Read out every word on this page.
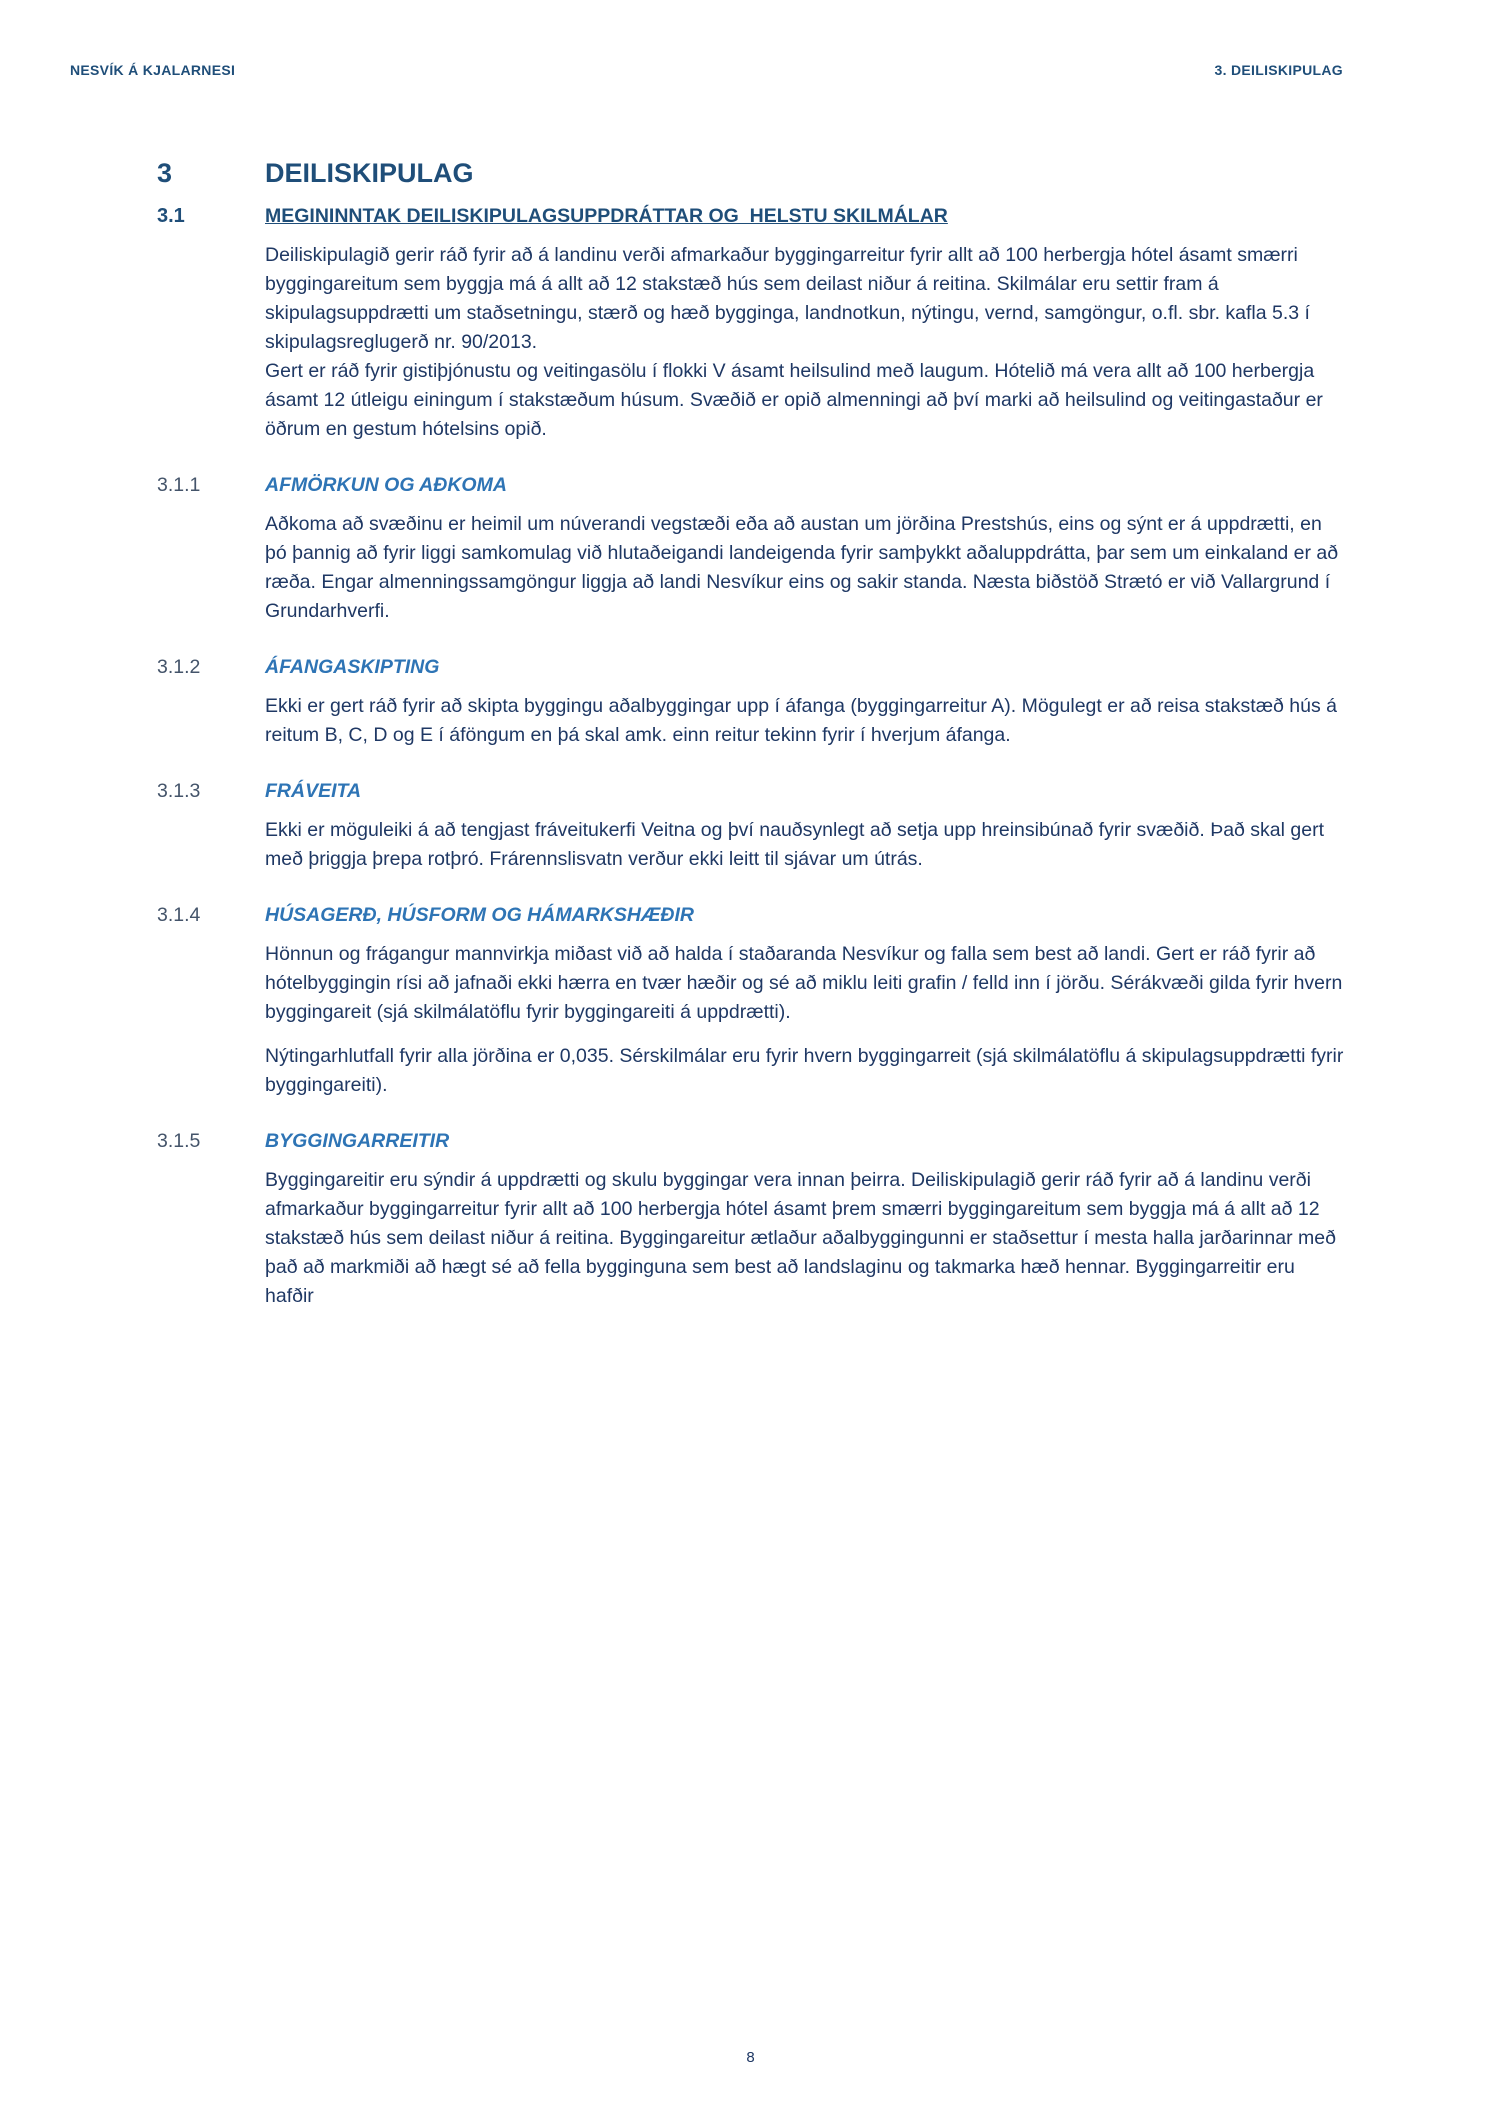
NESVÍK Á KJALARNESI	3. DEILISKIPULAG
3	DEILISKIPULAG
3.1	MEGININNTAK DEILISKIPULAGSUPPDRÁTTAR OG  HELSTU SKILMÁLAR

Deiliskipulagið gerir ráð fyrir að á landinu verði afmarkaður byggingarreitur fyrir allt að 100 herbergja hótel ásamt smærri byggingareitum sem byggja má á allt að 12 stakstæð hús sem deilast niður á reitina. Skilmálar eru settir fram á skipulagsuppdrætti um staðsetningu, stærð og hæð bygginga, landnotkun, nýtingu, vernd, samgöngur, o.fl. sbr. kafla 5.3 í skipulagsreglugerð nr. 90/2013.

Gert er ráð fyrir gistiþjónustu og veitingasölu í flokki V ásamt heilsulind með laugum. Hótelið má vera allt að 100 herbergja ásamt 12 útleigu einingum í stakstæðum húsum. Svæðið er opið almenningi að því marki að heilsulind og veitingastaður er öðrum en gestum hótelsins opið.

3.1.1	AFMÖRKUN OG AÐKOMA

Aðkoma að svæðinu er heimil um núverandi vegstæði eða að austan um jörðina Prestshús, eins og sýnt er á uppdrætti, en þó þannig að fyrir liggi samkomulag við hlutaðeigandi landeigenda fyrir samþykkt aðaluppdrátta, þar sem um einkaland er að ræða. Engar almenningssamgöngur liggja að landi Nesvíkur eins og sakir standa. Næsta biðstöð Strætó er við Vallargrund í Grundarhverfi.

3.1.2	ÁFANGASKIPTING

Ekki er gert ráð fyrir að skipta byggingu aðalbyggingar upp í áfanga (byggingarreitur A). Mögulegt er að reisa stakstæð hús á reitum B, C, D og E í áföngum en þá skal amk. einn reitur tekinn fyrir í hverjum áfanga.

3.1.3	FRÁVEITA

Ekki er möguleiki á að tengjast fráveitukerfi Veitna og því nauðsynlegt að setja upp hreinsibúnað fyrir svæðið. Það skal gert með þriggja þrepa rotþró. Frárennslisvatn verður ekki leitt til sjávar um útrás.

3.1.4	HÚSAGERÐ, HÚSFORM OG HÁMARKSHÆÐIR

Hönnun og frágangur mannvirkja miðast við að halda í staðaranda Nesvíkur og falla sem best að landi. Gert er ráð fyrir að hótelbyggingin rísi að jafnaði ekki hærra en tvær hæðir og sé að miklu leiti grafin / felld inn í jörðu. Sérákvæði gilda fyrir hvern byggingareit (sjá skilmálatöflu fyrir byggingareiti á uppdrætti).

Nýtingarhlutfall fyrir alla jörðina er 0,035. Sérskilmálar eru fyrir hvern byggingarreit (sjá skilmálatöflu á skipulagsuppdrætti fyrir byggingareiti).

3.1.5	BYGGINGARREITIR

Byggingareitir eru sýndir á uppdrætti og skulu byggingar vera innan þeirra. Deiliskipulagið gerir ráð fyrir að á landinu verði afmarkaður byggingarreitur fyrir allt að 100 herbergja hótel ásamt þrem smærri byggingareitum sem byggja má á allt að 12 stakstæð hús sem deilast niður á reitina. Byggingareitur ætlaður aðalbyggingunni er staðsettur í mesta halla jarðarinnar með það að markmiði að hægt sé að fella bygginguna sem best að landslaginu og takmarka hæð hennar. Byggingarreitir eru hafðir

8
